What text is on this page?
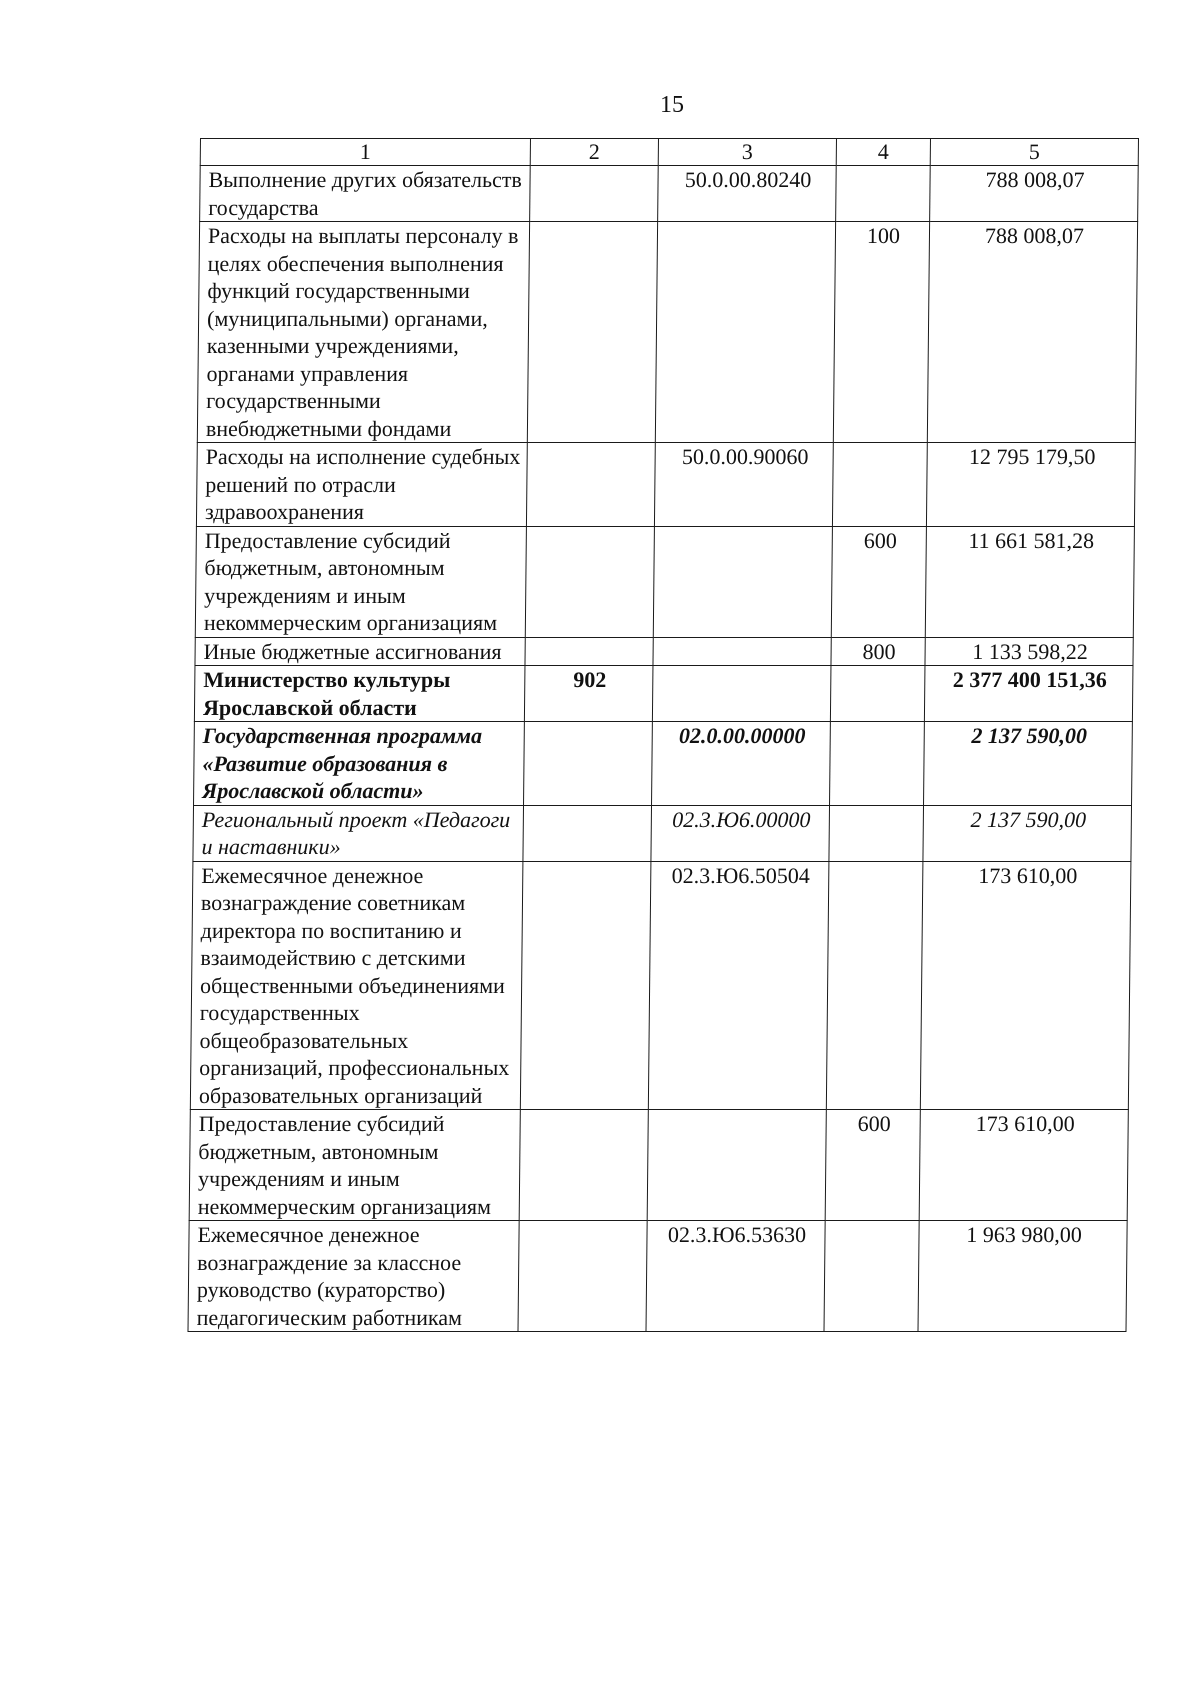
15
1	2	3	4	5
Выполнение других обязательств государства		50.0.00.80240		788 008,07
Расходы на выплаты персоналу в целях обеспечения выполнения функций государственными (муниципальными) органами, казенными учреждениями, органами управления государственными внебюджетными фондами			100	788 008,07
Расходы на исполнение судебных решений по отрасли здравоохранения		50.0.00.90060		12 795 179,50
Предоставление субсидий бюджетным, автономным учреждениям и иным некоммерческим организациям			600	11 661 581,28
Иные бюджетные ассигнования			800	1 133 598,22
Министерство культуры Ярославской области	902			2 377 400 151,36
Государственная программа «Развитие образования в Ярославской области»		02.0.00.00000		2 137 590,00
Региональный проект «Педагоги и наставники»		02.3.Ю6.00000		2 137 590,00
Ежемесячное денежное вознаграждение советникам директора по воспитанию и взаимодействию с детскими общественными объединениями государственных общеобразовательных организаций, профессиональных образовательных организаций		02.3.Ю6.50504		173 610,00
Предоставление субсидий бюджетным, автономным учреждениям и иным некоммерческим организациям			600	173 610,00
Ежемесячное денежное вознаграждение за классное руководство (кураторство) педагогическим работникам		02.3.Ю6.53630		1 963 980,00
